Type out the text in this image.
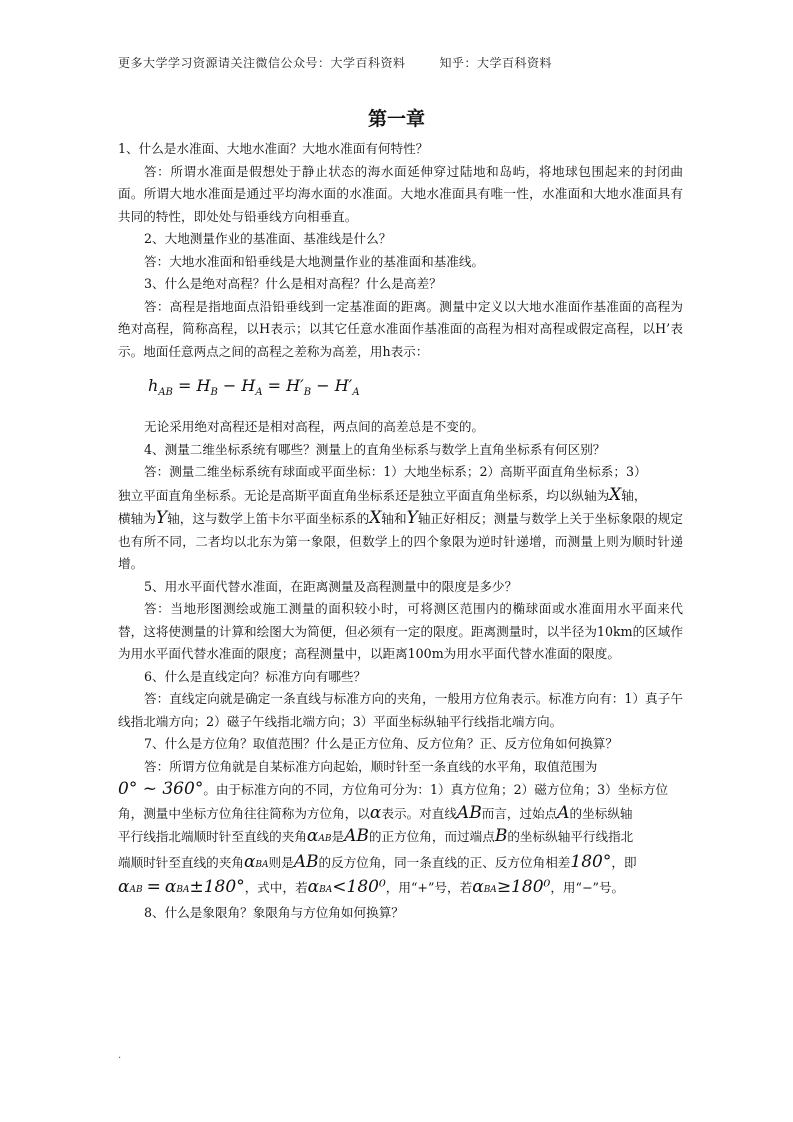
更多大学学习资源请关注微信公众号：大学百科资料	知乎：大学百科资料
第一章

1、什么是水准面、大地水准面？大地水准面有何特性？

答：所谓水准面是假想处于静止状态的海水面延伸穿过陆地和岛屿，将地球包围起来的封闭曲面。所谓大地水准面是通过平均海水面的水准面。大地水准面具有唯一性，水准面和大地水准面具有共同的特性，即处处与铅垂线方向相垂直。

2、大地测量作业的基准面、基准线是什么？

答：大地水准面和铅垂线是大地测量作业的基准面和基准线。

3、什么是绝对高程？什么是相对高程？什么是高差？

答：高程是指地面点沿铅垂线到一定基准面的距离。测量中定义以大地水准面作基准面的高程为绝对高程，简称高程，以H表示；以其它任意水准面作基准面的高程为相对高程或假定高程，以H’表示。地面任意两点之间的高程之差称为高差，用h表示：

$h_{AB} = H_B - H_A = H'_B - H'_A$

无论采用绝对高程还是相对高程，两点间的高差总是不变的。

4、测量二维坐标系统有哪些？测量上的直角坐标系与数学上直角坐标系有何区别？

答：测量二维坐标系统有球面或平面坐标：1）大地坐标系；2）高斯平面直角坐标系；3）

独立平面直角坐标系。无论是高斯平面直角坐标系还是独立平面直角坐标系，均以纵轴为X轴，

横轴为Y轴，这与数学上笛卡尔平面坐标系的X轴和Y轴正好相反；测量与数学上关于坐标象限的规定也有所不同，二者均以北东为第一象限，但数学上的四个象限为逆时针递增，而测量上则为顺时针递增。

5、用水平面代替水准面，在距离测量及高程测量中的限度是多少？

答：当地形图测绘或施工测量的面积较小时，可将测区范围内的椭球面或水准面用水平面来代替，这将使测量的计算和绘图大为简便，但必须有一定的限度。距离测量时，以半径为10km的区域作为用水平面代替水准面的限度；高程测量中，以距离100m为用水平面代替水准面的限度。

6、什么是直线定向？标准方向有哪些？

答：直线定向就是确定一条直线与标准方向的夹角，一般用方位角表示。标准方向有：1）真子午线指北端方向；2）磁子午线指北端方向；3）平面坐标纵轴平行线指北端方向。

7、什么是方位角？取值范围？什么是正方位角、反方位角？正、反方位角如何换算？

答：所谓方位角就是自某标准方向起始，顺时针至一条直线的水平角，取值范围为

0° ~ 360°。由于标准方向的不同，方位角可分为：1）真方位角；2）磁方位角；3）坐标方位

角，测量中坐标方位角往往简称为方位角，以α表示。对直线AB而言，过始点A的坐标纵轴

平行线指北端顺时针至直线的夹角αAB是AB的正方位角，而过端点B的坐标纵轴平行线指北

端顺时针至直线的夹角αBA则是AB的反方位角，同一条直线的正、反方位角相差180°，即

αAB = αBA±180°，式中，若αBA<180⁰，用“+”号，若αBA≥180⁰，用“−”号。

8、什么是象限角？象限角与方位角如何换算？

.
